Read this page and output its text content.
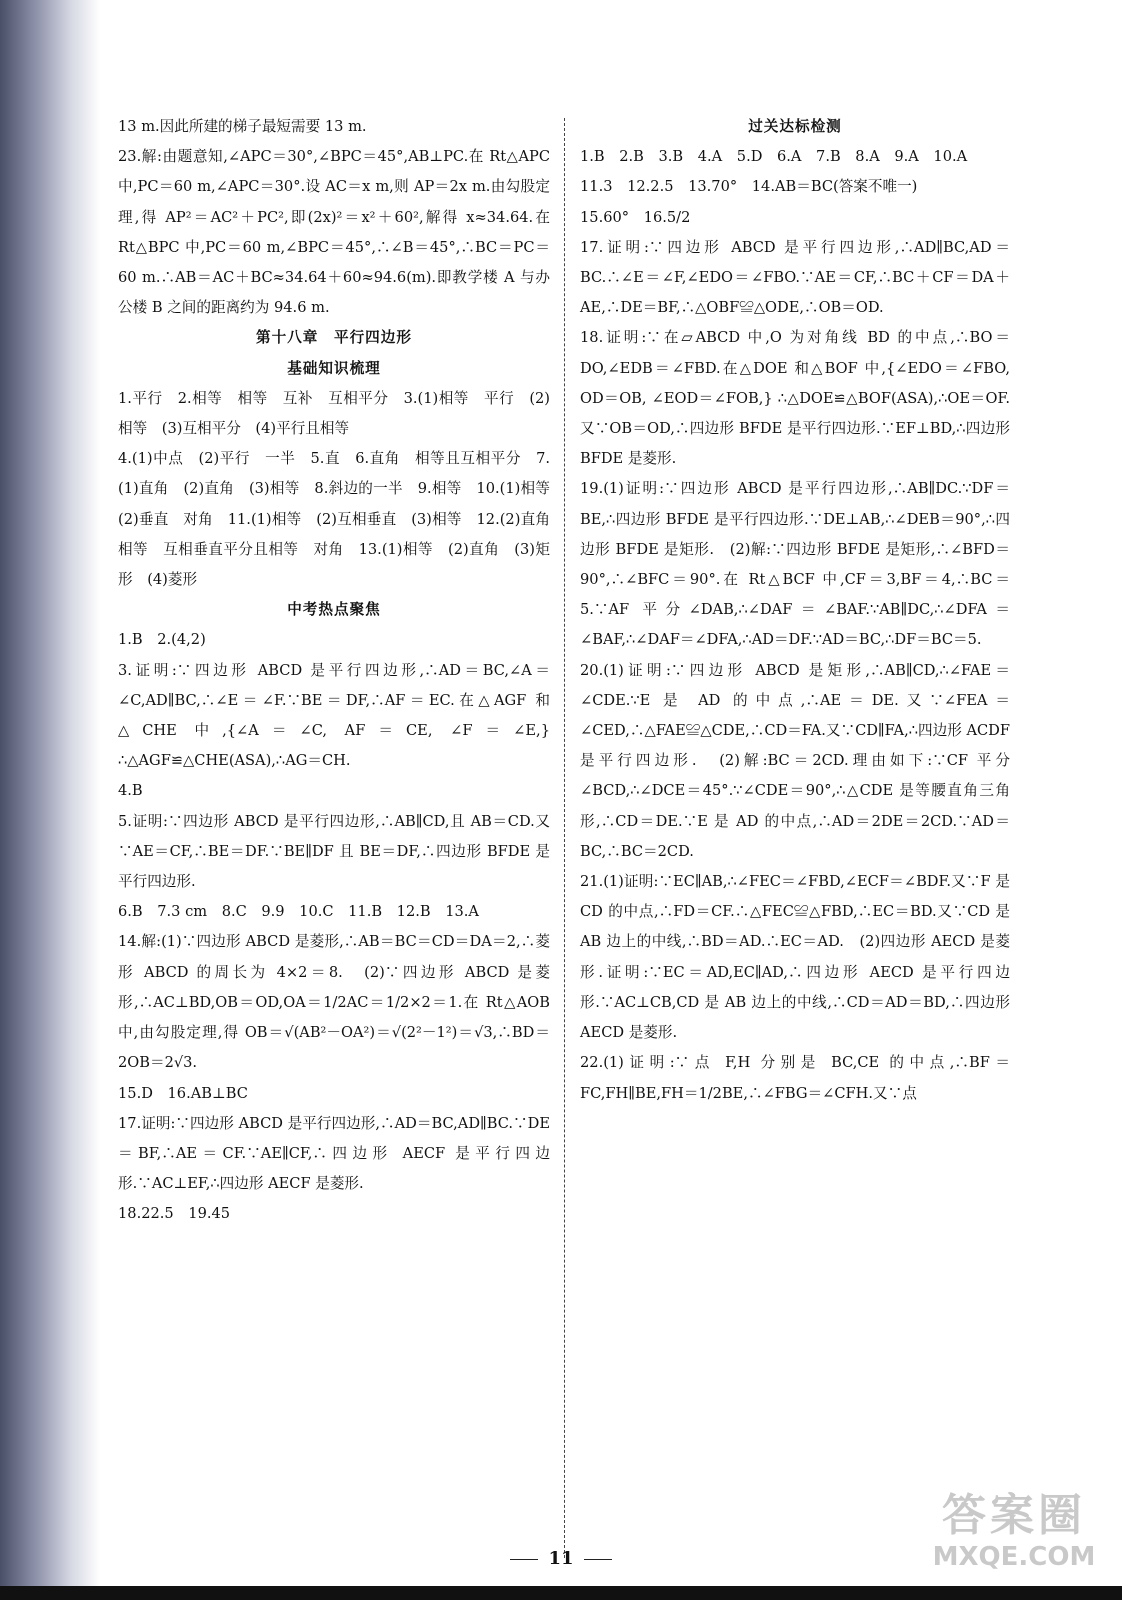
13 m.因此所建的梯子最短需要 13 m.

23.解:由题意知,∠APC＝30°,∠BPC＝45°,AB⊥PC.在 Rt△APC 中,PC＝60 m,∠APC＝30°.设 AC＝x m,则 AP＝2x m.由勾股定理,得 AP²＝AC²＋PC²,即(2x)²＝x²＋60²,解得 x≈34.64.在 Rt△BPC 中,PC＝60 m,∠BPC＝45°,∴∠B＝45°,∴BC＝PC＝60 m.∴AB＝AC＋BC≈34.64＋60≈94.6(m).即教学楼 A 与办公楼 B 之间的距离约为 94.6 m.

第十八章　平行四边形

基础知识梳理

1.平行　2.相等　相等　互补　互相平分　3.(1)相等　平行　(2)相等　(3)互相平分　(4)平行且相等

4.(1)中点　(2)平行　一半　5.直　6.直角　相等且互相平分　7.(1)直角　(2)直角　(3)相等　8.斜边的一半　9.相等　10.(1)相等　(2)垂直　对角　11.(1)相等　(2)互相垂直　(3)相等　12.(2)直角　相等　互相垂直平分且相等　对角　13.(1)相等　(2)直角　(3)矩形　(4)菱形

中考热点聚焦

1.B　2.(4,2)

3.证明:∵四边形 ABCD 是平行四边形,∴AD＝BC,∠A＝∠C,AD∥BC,∴∠E＝∠F.∵BE＝DF,∴AF＝EC.在△AGF 和△CHE 中,{∠A＝∠C, AF＝CE, ∠F＝∠E,} ∴△AGF≌△CHE(ASA),∴AG＝CH.

4.B

5.证明:∵四边形 ABCD 是平行四边形,∴AB∥CD,且 AB＝CD.又∵AE＝CF,∴BE＝DF.∵BE∥DF 且 BE＝DF,∴四边形 BFDE 是平行四边形.

6.B　7.3 cm　8.C　9.9　10.C　11.B　12.B　13.A

14.解:(1)∵四边形 ABCD 是菱形,∴AB＝BC＝CD＝DA＝2,∴菱形 ABCD 的周长为 4×2＝8.　(2)∵四边形 ABCD 是菱形,∴AC⊥BD,OB＝OD,OA＝1/2AC＝1/2×2＝1.在 Rt△AOB 中,由勾股定理,得 OB＝√(AB²－OA²)＝√(2²－1²)＝√3,∴BD＝2OB＝2√3.

15.D　16.AB⊥BC

17.证明:∵四边形 ABCD 是平行四边形,∴AD＝BC,AD∥BC.∵DE＝BF,∴AE＝CF.∵AE∥CF,∴四边形 AECF 是平行四边形.∵AC⊥EF,∴四边形 AECF 是菱形.

18.22.5　19.45

过关达标检测

1.B　2.B　3.B　4.A　5.D　6.A　7.B　8.A　9.A　10.A

11.3　12.2.5　13.70°　14.AB＝BC(答案不唯一)

15.60°　16.5/2

17.证明:∵四边形 ABCD 是平行四边形,∴AD∥BC,AD＝BC.∴∠E＝∠F,∠EDO＝∠FBO.∵AE＝CF,∴BC＋CF＝DA＋AE,∴DE＝BF,∴△OBF≌△ODE,∴OB＝OD.

18.证明:∵在▱ABCD 中,O 为对角线 BD 的中点,∴BO＝DO,∠EDB＝∠FBD.在△DOE 和△BOF 中,{∠EDO＝∠FBO, OD＝OB, ∠EOD＝∠FOB,} ∴△DOE≌△BOF(ASA),∴OE＝OF.又∵OB＝OD,∴四边形 BFDE 是平行四边形.∵EF⊥BD,∴四边形 BFDE 是菱形.

19.(1)证明:∵四边形 ABCD 是平行四边形,∴AB∥DC.∵DF＝BE,∴四边形 BFDE 是平行四边形.∵DE⊥AB,∴∠DEB＝90°,∴四边形 BFDE 是矩形.　(2)解:∵四边形 BFDE 是矩形,∴∠BFD＝90°,∴∠BFC＝90°.在 Rt△BCF 中,CF＝3,BF＝4,∴BC＝5.∵AF 平分∠DAB,∴∠DAF＝∠BAF.∵AB∥DC,∴∠DFA＝∠BAF,∴∠DAF＝∠DFA,∴AD＝DF.∵AD＝BC,∴DF＝BC＝5.

20.(1)证明:∵四边形 ABCD 是矩形,∴AB∥CD,∴∠FAE＝∠CDE.∵E 是 AD 的中点,∴AE＝DE.又∵∠FEA＝∠CED,∴△FAE≌△CDE,∴CD＝FA.又∵CD∥FA,∴四边形 ACDF 是平行四边形.　(2)解:BC＝2CD.理由如下:∵CF 平分∠BCD,∴∠DCE＝45°.∵∠CDE＝90°,∴△CDE 是等腰直角三角形,∴CD＝DE.∵E 是 AD 的中点,∴AD＝2DE＝2CD.∵AD＝BC,∴BC＝2CD.

21.(1)证明:∵EC∥AB,∴∠FEC＝∠FBD,∠ECF＝∠BDF.又∵F 是 CD 的中点,∴FD＝CF.∴△FEC≌△FBD,∴EC＝BD.又∵CD 是 AB 边上的中线,∴BD＝AD.∴EC＝AD.　(2)四边形 AECD 是菱形.证明:∵EC＝AD,EC∥AD,∴四边形 AECD 是平行四边形.∵AC⊥CB,CD 是 AB 边上的中线,∴CD＝AD＝BD,∴四边形 AECD 是菱形.

22.(1)证明:∵点 F,H 分别是 BC,CE 的中点,∴BF＝FC,FH∥BE,FH＝1/2BE,∴∠FBG＝∠CFH.又∵点

11
答案圈
MXQE.COM
